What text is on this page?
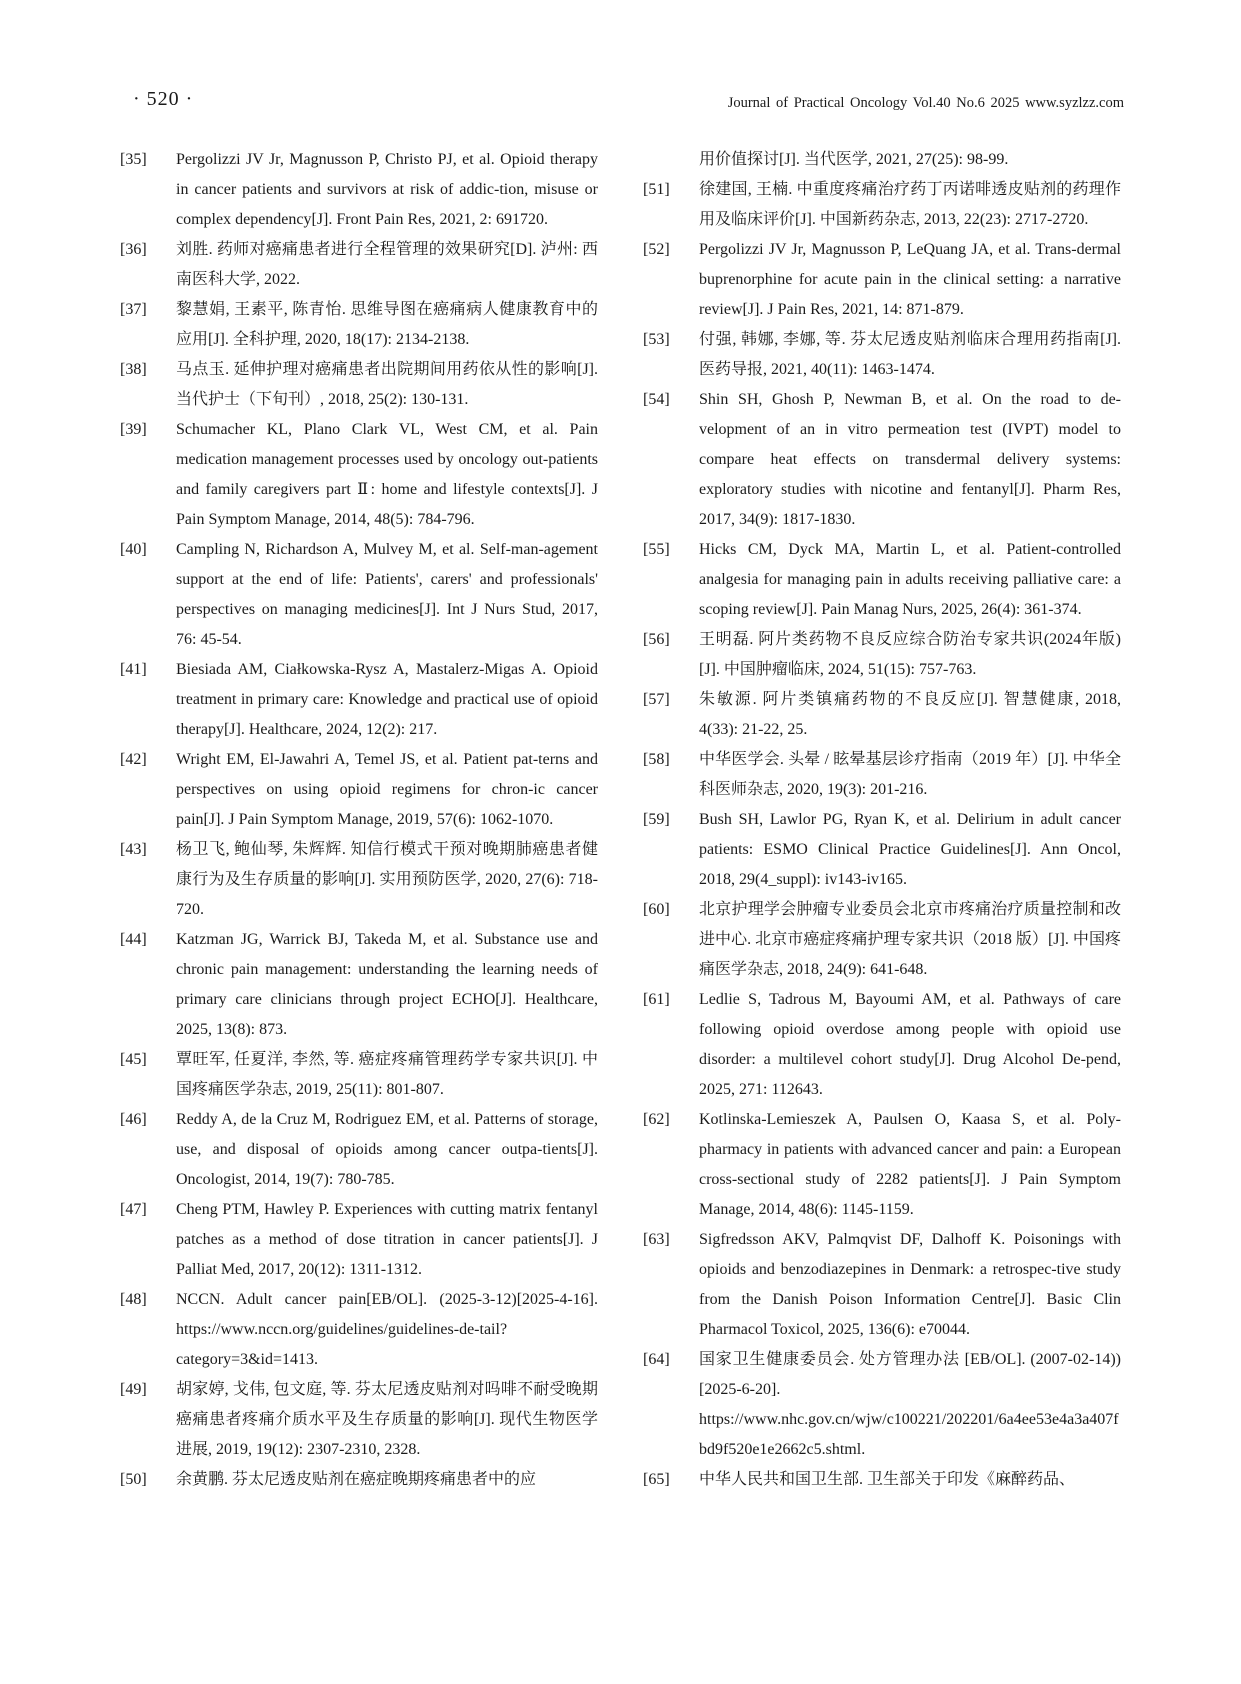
· 520 ·	Journal of Practical Oncology Vol.40 No.6 2025 www.syzlzz.com
[35]	Pergolizzi JV Jr, Magnusson P, Christo PJ, et al. Opioid therapy in cancer patients and survivors at risk of addic-tion, misuse or complex dependency[J]. Front Pain Res, 2021, 2: 691720.
[36]	刘胜. 药师对癌痛患者进行全程管理的效果研究[D]. 泸州: 西南医科大学, 2022.
[37]	黎慧娟, 王素平, 陈青怡. 思维导图在癌痛病人健康教育中的应用[J]. 全科护理, 2020, 18(17): 2134-2138.
[38]	马点玉. 延伸护理对癌痛患者出院期间用药依从性的影响[J]. 当代护士（下旬刊）, 2018, 25(2): 130-131.
[39]	Schumacher KL, Plano Clark VL, West CM, et al. Pain medication management processes used by oncology out-patients and family caregivers part Ⅱ: home and lifestyle contexts[J]. J Pain Symptom Manage, 2014, 48(5): 784-796.
[40]	Campling N, Richardson A, Mulvey M, et al. Self-man-agement support at the end of life: Patients', carers' and professionals' perspectives on managing medicines[J]. Int J Nurs Stud, 2017, 76: 45-54.
[41]	Biesiada AM, Ciałkowska-Rysz A, Mastalerz-Migas A. Opioid treatment in primary care: Knowledge and practical use of opioid therapy[J]. Healthcare, 2024, 12(2): 217.
[42]	Wright EM, El-Jawahri A, Temel JS, et al. Patient pat-terns and perspectives on using opioid regimens for chron-ic cancer pain[J]. J Pain Symptom Manage, 2019, 57(6): 1062-1070.
[43]	杨卫飞, 鲍仙琴, 朱辉辉. 知信行模式干预对晚期肺癌患者健康行为及生存质量的影响[J]. 实用预防医学, 2020, 27(6): 718-720.
[44]	Katzman JG, Warrick BJ, Takeda M, et al. Substance use and chronic pain management: understanding the learning needs of primary care clinicians through project ECHO[J]. Healthcare, 2025, 13(8): 873.
[45]	覃旺军, 任夏洋, 李然, 等. 癌症疼痛管理药学专家共识[J]. 中国疼痛医学杂志, 2019, 25(11): 801-807.
[46]	Reddy A, de la Cruz M, Rodriguez EM, et al. Patterns of storage, use, and disposal of opioids among cancer outpa-tients[J]. Oncologist, 2014, 19(7): 780-785.
[47]	Cheng PTM, Hawley P. Experiences with cutting matrix fentanyl patches as a method of dose titration in cancer patients[J]. J Palliat Med, 2017, 20(12): 1311-1312.
[48]	NCCN. Adult cancer pain[EB/OL]. (2025-3-12)[2025-4-16]. https://www.nccn.org/guidelines/guidelines-de-tail?category=3&id=1413.
[49]	胡家婷, 戈伟, 包文庭, 等. 芬太尼透皮贴剂对吗啡不耐受晚期癌痛患者疼痛介质水平及生存质量的影响[J]. 现代生物医学进展, 2019, 19(12): 2307-2310, 2328.
[50]	余黄鹏. 芬太尼透皮贴剂在癌症晚期疼痛患者中的应
用价值探讨[J]. 当代医学, 2021, 27(25): 98-99.
[51]	徐建国, 王楠. 中重度疼痛治疗药丁丙诺啡透皮贴剂的药理作用及临床评价[J]. 中国新药杂志, 2013, 22(23): 2717-2720.
[52]	Pergolizzi JV Jr, Magnusson P, LeQuang JA, et al. Trans-dermal buprenorphine for acute pain in the clinical setting: a narrative review[J]. J Pain Res, 2021, 14: 871-879.
[53]	付强, 韩娜, 李娜, 等. 芬太尼透皮贴剂临床合理用药指南[J]. 医药导报, 2021, 40(11): 1463-1474.
[54]	Shin SH, Ghosh P, Newman B, et al. On the road to de-velopment of an in vitro permeation test (IVPT) model to compare heat effects on transdermal delivery systems: exploratory studies with nicotine and fentanyl[J]. Pharm Res, 2017, 34(9): 1817-1830.
[55]	Hicks CM, Dyck MA, Martin L, et al. Patient-controlled analgesia for managing pain in adults receiving palliative care: a scoping review[J]. Pain Manag Nurs, 2025, 26(4): 361-374.
[56]	王明磊. 阿片类药物不良反应综合防治专家共识(2024年版)[J]. 中国肿瘤临床, 2024, 51(15): 757-763.
[57]	朱敏源. 阿片类镇痛药物的不良反应[J]. 智慧健康, 2018, 4(33): 21-22, 25.
[58]	中华医学会. 头晕 / 眩晕基层诊疗指南（2019 年）[J]. 中华全科医师杂志, 2020, 19(3): 201-216.
[59]	Bush SH, Lawlor PG, Ryan K, et al. Delirium in adult cancer patients: ESMO Clinical Practice Guidelines[J]. Ann Oncol, 2018, 29(4_suppl): iv143-iv165.
[60]	北京护理学会肿瘤专业委员会北京市疼痛治疗质量控制和改进中心. 北京市癌症疼痛护理专家共识（2018 版）[J]. 中国疼痛医学杂志, 2018, 24(9): 641-648.
[61]	Ledlie S, Tadrous M, Bayoumi AM, et al. Pathways of care following opioid overdose among people with opioid use disorder: a multilevel cohort study[J]. Drug Alcohol De-pend, 2025, 271: 112643.
[62]	Kotlinska-Lemieszek A, Paulsen O, Kaasa S, et al. Poly-pharmacy in patients with advanced cancer and pain: a European cross-sectional study of 2282 patients[J]. J Pain Symptom Manage, 2014, 48(6): 1145-1159.
[63]	Sigfredsson AKV, Palmqvist DF, Dalhoff K. Poisonings with opioids and benzodiazepines in Denmark: a retrospec-tive study from the Danish Poison Information Centre[J]. Basic Clin Pharmacol Toxicol, 2025, 136(6): e70044.
[64]	国家卫生健康委员会. 处方管理办法 [EB/OL]. (2007-02-14))[2025-6-20]. https://www.nhc.gov.cn/wjw/c100221/202201/6a4ee53e4a3a407fbd9f520e1e2662c5.shtml.
[65]	中华人民共和国卫生部. 卫生部关于印发《麻醉药品、
